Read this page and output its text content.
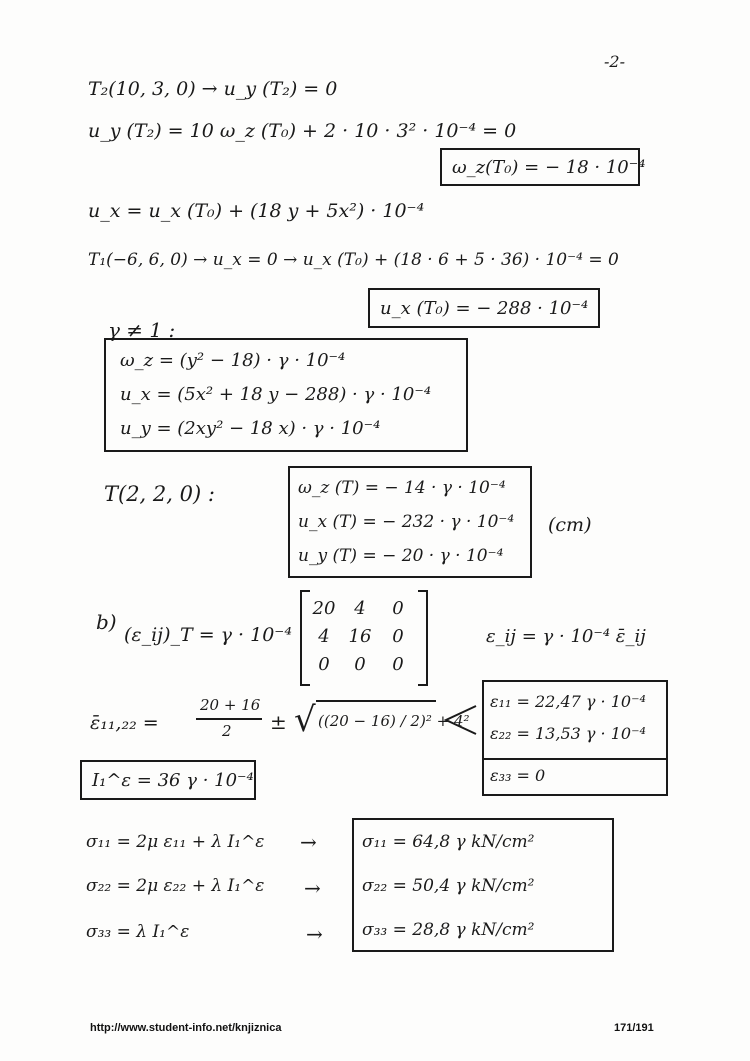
-2-
T₂(10, 3, 0) → u_y (T₂) = 0
u_y (T₂) = 10 ω_z (T₀) + 2 · 10 · 3² · 10⁻⁴ = 0
ω_z(T₀) = − 18 · 10⁻⁴
u_x = u_x (T₀) + (18 y + 5x²) · 10⁻⁴
T₁(−6, 6, 0) → u_x = 0 → u_x (T₀) + (18 · 6 + 5 · 36) · 10⁻⁴ = 0
u_x (T₀) = − 288 · 10⁻⁴
γ ≠ 1 :
ω_z = (y² − 18) · γ · 10⁻⁴
u_x = (5x² + 18 y − 288) · γ · 10⁻⁴
u_y = (2xy² − 18 x) · γ · 10⁻⁴
T(2, 2, 0) :	ω_z (T) = − 14 · γ · 10⁻⁴
u_x (T) = − 232 · γ · 10⁻⁴
u_y (T) = − 20 · γ · 10⁻⁴
(cm)
b)
(ε_ij)_T = γ · 10⁻⁴
20	4	0
4	16	0
0	0	0
ε_ij = γ · 10⁻⁴ ε̄_ij
ε̄₁₁,₂₂ =
20 + 16
2 ± √ ((20 − 16) / 2)² + 4²
ε₁₁ = 22,47 γ · 10⁻⁴
ε₂₂ = 13,53 γ · 10⁻⁴
ε₃₃ = 0
I₁^ε = 36 γ · 10⁻⁴
σ₁₁ = 2μ ε₁₁ + λ I₁^ε
σ₂₂ = 2μ ε₂₂ + λ I₁^ε
σ₃₃ = λ I₁^ε
→
→
→
σ₁₁ = 64,8 γ kN/cm²
σ₂₂ = 50,4 γ kN/cm²
σ₃₃ = 28,8 γ kN/cm²
http://www.student-info.net/knjiznica	171/191
